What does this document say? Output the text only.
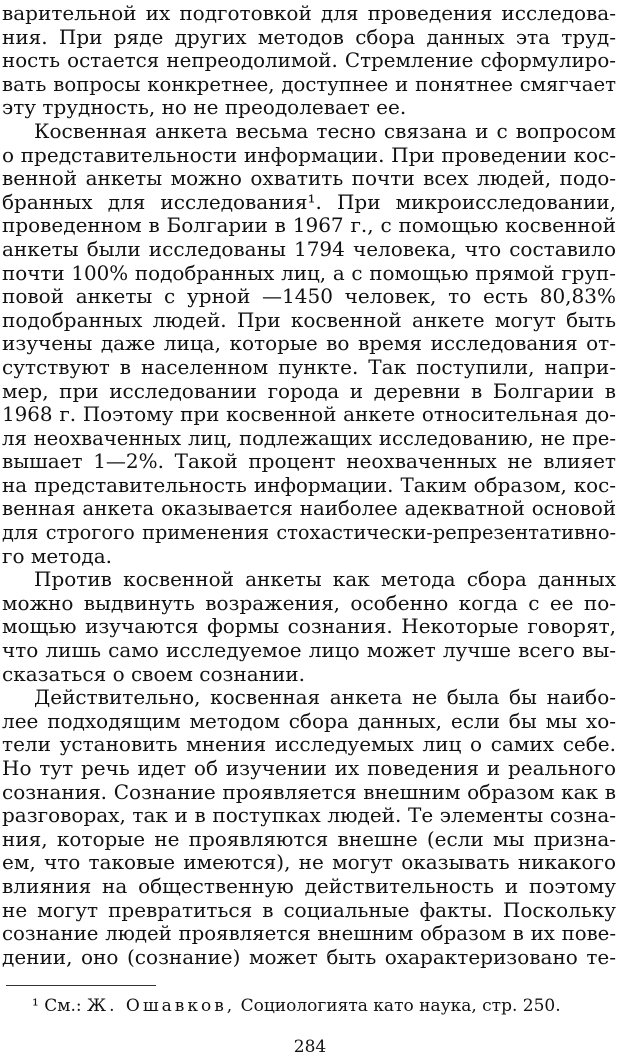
варительной их подготовкой для проведения исследова-
ния. При ряде других методов сбора данных эта труд-
ность остается непреодолимой. Стремление сформулиро-
вать вопросы конкретнее, доступнее и понятнее смягчает
эту трудность, но не преодолевает ее.
Косвенная анкета весьма тесно связана и с вопросом
о представительности информации. При проведении кос-
венной анкеты можно охватить почти всех людей, подо-
бранных для исследования¹. При микроисследовании,
проведенном в Болгарии в 1967 г., с помощью косвенной
анкеты были исследованы 1794 человека, что составило
почти 100% подобранных лиц, а с помощью прямой груп-
повой анкеты с урной —1450 человек, то есть 80,83%
подобранных людей. При косвенной анкете могут быть
изучены даже лица, которые во время исследования от-
сутствуют в населенном пункте. Так поступили, напри-
мер, при исследовании города и деревни в Болгарии в
1968 г. Поэтому при косвенной анкете относительная до-
ля неохваченных лиц, подлежащих исследованию, не пре-
вышает 1—2%. Такой процент неохваченных не влияет
на представительность информации. Таким образом, кос-
венная анкета оказывается наиболее адекватной основой
для строгого применения стохастически-репрезентативно-
го метода.
Против косвенной анкеты как метода сбора данных
можно выдвинуть возражения, особенно когда с ее по-
мощью изучаются формы сознания. Некоторые говорят,
что лишь само исследуемое лицо может лучше всего вы-
сказаться о своем сознании.
Действительно, косвенная анкета не была бы наибо-
лее подходящим методом сбора данных, если бы мы хо-
тели установить мнения исследуемых лиц о самих себе.
Но тут речь идет об изучении их поведения и реального
сознания. Сознание проявляется внешним образом как в
разговорах, так и в поступках людей. Те элементы созна-
ния, которые не проявляются внешне (если мы призна-
ем, что таковые имеются), не могут оказывать никакого
влияния на общественную действительность и поэтому
не могут превратиться в социальные факты. Поскольку
сознание людей проявляется внешним образом в их пове-
дении, оно (сознание) может быть охарактеризовано те-
¹ См.: Ж. Ошавков, Социологията като наука, стр. 250.
284
